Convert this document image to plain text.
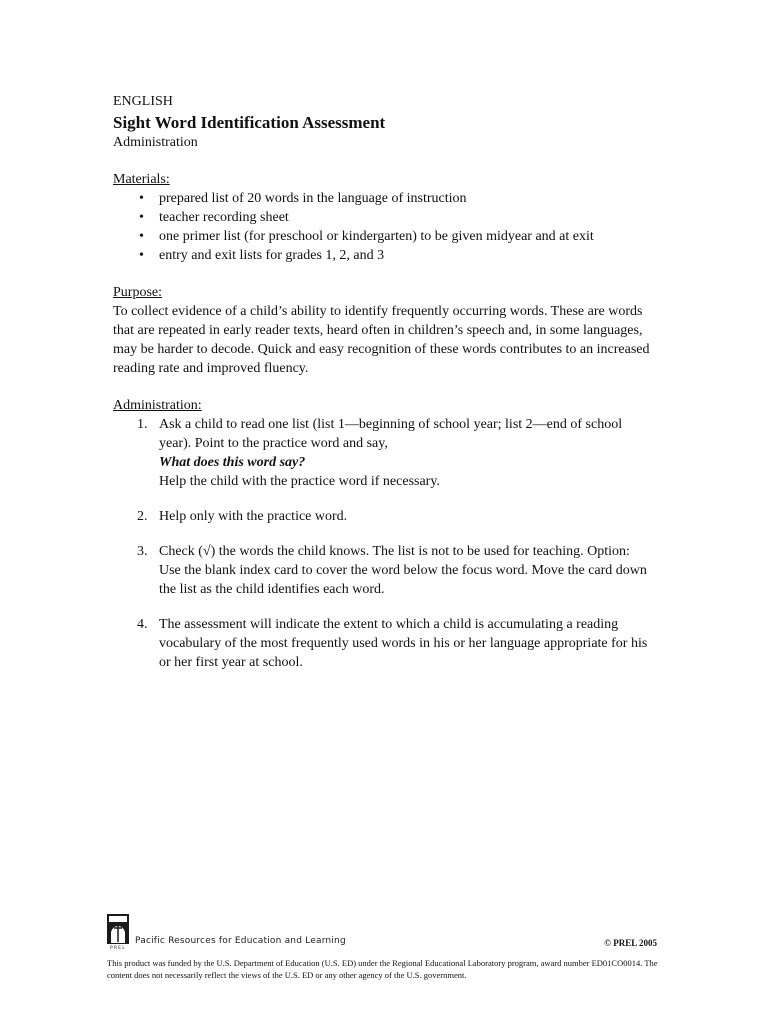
ENGLISH
Sight Word Identification Assessment
Administration
Materials:
• prepared list of 20 words in the language of instruction
• teacher recording sheet
• one primer list (for preschool or kindergarten) to be given midyear and at exit
• entry and exit lists for grades 1, 2, and 3
Purpose:

To collect evidence of a child’s ability to identify frequently occurring words. These are words that are repeated in early reader texts, heard often in children’s speech and, in some languages, may be harder to decode. Quick and easy recognition of these words contributes to an increased reading rate and improved fluency.

Administration:
1. Ask a child to read one list (list 1—beginning of school year; list 2—end of school year). Point to the practice word and say,
What does this word say?
Help the child with the practice word if necessary.
2. Help only with the practice word.
3. Check (√) the words the child knows. The list is not to be used for teaching. Option: Use the blank index card to cover the word below the focus word. Move the card down the list as the child identifies each word.
4. The assessment will indicate the extent to which a child is accumulating a reading vocabulary of the most frequently used words in his or her language appropriate for his or her first year at school.
PREL
Pacific Resources for Education and Learning	© PREL 2005
This product was funded by the U.S. Department of Education (U.S. ED) under the Regional Educational Laboratory program, award number ED01CO0014. The content does not necessarily reflect the views of the U.S. ED or any other agency of the U.S. government.
